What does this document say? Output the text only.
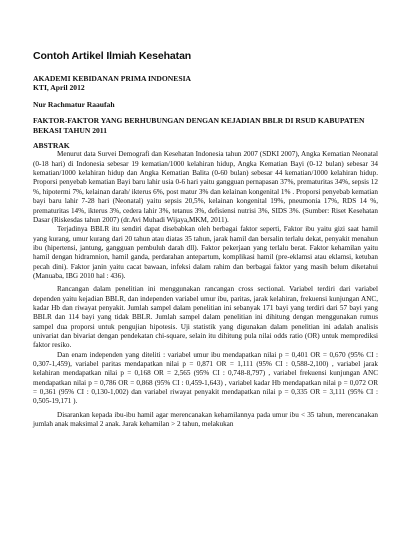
Contoh Artikel Ilmiah Kesehatan
AKADEMI KEBIDANAN PRIMA INDONESIA
KTI, April 2012
Nur Rachmatur Raaufah
FAKTOR-FAKTOR YANG BERHUBUNGAN DENGAN KEJADIAN BBLR DI RSUD KABUPATEN BEKASI TAHUN 2011
ABSTRAK

Menurut data Survei Demografi dan Kesehatan Indonesia tahun 2007 (SDKI 2007), Angka Kematian Neonatal (0-18 hari) di Indonesia sebesar 19 kematian/1000 kelahiran hidup, Angka Kematian Bayi (0-12 bulan) sebesar 34 kematian/1000 kelahiran hidup dan Angka Kematian Balita (0-60 bulan) sebesar 44 kematian/1000 kelahiran hidup. Proporsi penyebab kematian Bayi baru lahir usia 0-6 hari yaitu gangguan pernapasan 37%, prematuritas 34%, sepsis 12 %, hipotermi 7%, kelainan darah/ ikterus 6%, post matur 3% dan kelainan kongenital 1% . Proporsi penyebab kematian bayi baru lahir 7-28 hari (Neonatal) yaitu sepsis 20,5%, kelainan kongenital 19%, pneumonia 17%, RDS 14 %, prematuritas 14%, ikterus 3%, cedera lahir 3%, tetanus 3%, defisiensi nutrisi 3%, SIDS 3%. (Sumber: Riset Kesehatan Dasar (Riskesdas tahun 2007) (dr.Avi Muhadi Wijaya,MKM, 2011).

Terjadinya BBLR itu sendiri dapat disebabkan oleh berbagai faktor seperti, Faktor ibu yaitu gizi saat hamil yang kurang, umur kurang dari 20 tahun atau diatas 35 tahun, jarak hamil dan bersalin terlalu dekat, penyakit menahun ibu (hipertensi, jantung, gangguan pembuluh darah dll). Faktor pekerjaan yang terlalu berat. Faktor kehamilan yaitu hamil dengan hidramnion, hamil ganda, perdarahan antepartum, komplikasi hamil (pre-eklamsi atau eklamsi, ketuban pecah dini). Faktor janin yaitu cacat bawaan, infeksi dalam rahim dan berbagai faktor yang masih belum diketahui (Manuaba, IBG 2010 hal : 436).

Rancangan dalam penelitian ini menggunakan rancangan cross sectional. Variabel terdiri dari variabel dependen yaitu kejadian BBLR, dan independen variabel umur ibu, paritas, jarak kelahiran, frekuensi kunjungan ANC, kadar Hb dan riwayat penyakit. Jumlah sampel dalam penelitian ini sebanyak 171 bayi yang terdiri dari 57 bayi yang BBLR dan 114 bayi yang tidak BBLR. Jumlah sampel dalam penelitian ini dihitung dengan menggunakan rumus sampel dua proporsi untuk pengujian hipotesis. Uji statistik yang digunakan dalam penelitian ini adalah analisis univariat dan bivariat dengan pendekatan chi-square, selain itu dihitung pula nilai odds ratio (OR) untuk memprediksi faktor resiko.

Dan enam independen yang diteliti : variabel umur ibu mendapatkan nilai p = 0,401 OR = 0,670 (95% CI : 0,307-1,459), variabel paritas mendapatkan nilai p = 0,871 OR = 1,111 (95% CI : 0,588-2,100) , variabel jarak kelahiran mendapatkan nilai p = 0,168 OR = 2,565 (95% CI : 0,748-8,797) , variabel frekuensi kunjungan ANC mendapatkan nilai p = 0,786 OR = 0,868 (95% CI : 0,459-1,643) , variabel kadar Hb mendapatkan nilai p = 0,072 OR = 0,361 (95% CI : 0,130-1,002) dan variabel riwayat penyakit mendapatkan nilai p = 0,335 OR = 3,111 (95% CI : 0,505-19,171 ).

Disarankan kepada ibu-ibu hamil agar merencanakan kehamilannya pada umur ibu < 35 tahun, merencanakan jumlah anak maksimal 2 anak. Jarak kehamilan > 2 tahun, melakukan
